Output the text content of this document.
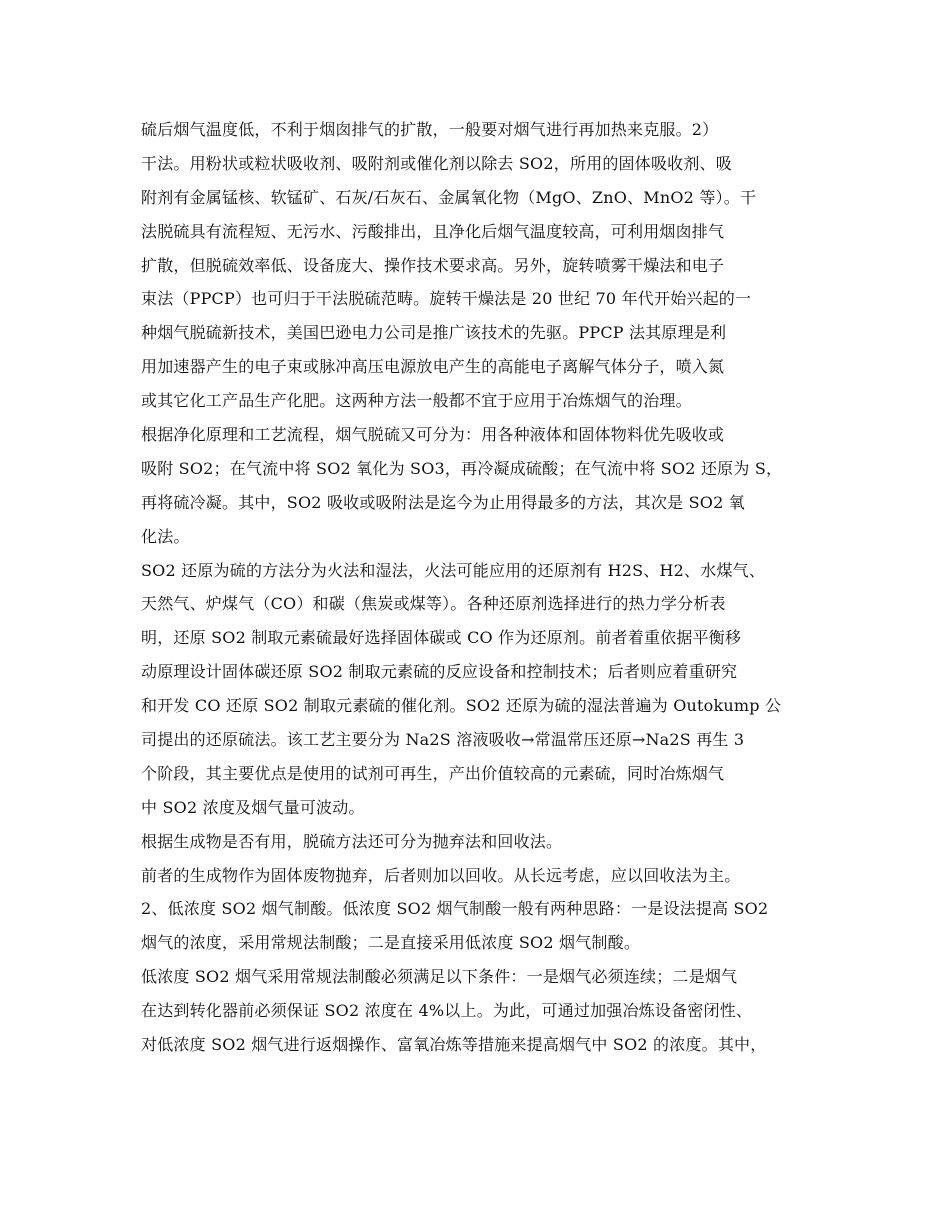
硫后烟气温度低，不利于烟囱排气的扩散，一般要对烟气进行再加热来克服。2）
干法。用粉状或粒状吸收剂、吸附剂或催化剂以除去 SO2，所用的固体吸收剂、吸
附剂有金属锰核、软锰矿、石灰/石灰石、金属氧化物（MgO、ZnO、MnO2 等）。干
法脱硫具有流程短、无污水、污酸排出，且净化后烟气温度较高，可利用烟囱排气
扩散，但脱硫效率低、设备庞大、操作技术要求高。另外，旋转喷雾干燥法和电子
束法（PPCP）也可归于干法脱硫范畴。旋转干燥法是 20 世纪 70 年代开始兴起的一
种烟气脱硫新技术，美国巴逊电力公司是推广该技术的先驱。PPCP 法其原理是利
用加速器产生的电子束或脉冲高压电源放电产生的高能电子离解气体分子，喷入氮
或其它化工产品生产化肥。这两种方法一般都不宜于应用于冶炼烟气的治理。
根据净化原理和工艺流程，烟气脱硫又可分为：用各种液体和固体物料优先吸收或
吸附 SO2；在气流中将 SO2 氧化为 SO3，再冷凝成硫酸；在气流中将 SO2 还原为 S，
再将硫冷凝。其中，SO2 吸收或吸附法是迄今为止用得最多的方法，其次是 SO2 氧
化法。
SO2 还原为硫的方法分为火法和湿法，火法可能应用的还原剂有 H2S、H2、水煤气、
天然气、炉煤气（CO）和碳（焦炭或煤等）。各种还原剂选择进行的热力学分析表
明，还原 SO2 制取元素硫最好选择固体碳或 CO 作为还原剂。前者着重依据平衡移
动原理设计固体碳还原 SO2 制取元素硫的反应设备和控制技术；后者则应着重研究
和开发 CO 还原 SO2 制取元素硫的催化剂。SO2 还原为硫的湿法普遍为 Outokump 公
司提出的还原硫法。该工艺主要分为 Na2S 溶液吸收→常温常压还原→Na2S 再生 3
个阶段，其主要优点是使用的试剂可再生，产出价值较高的元素硫，同时冶炼烟气
中 SO2 浓度及烟气量可波动。
根据生成物是否有用，脱硫方法还可分为抛弃法和回收法。
前者的生成物作为固体废物抛弃，后者则加以回收。从长远考虑，应以回收法为主。
2、低浓度 SO2 烟气制酸。低浓度 SO2 烟气制酸一般有两种思路：一是设法提高 SO2
烟气的浓度，采用常规法制酸；二是直接采用低浓度 SO2 烟气制酸。
低浓度 SO2 烟气采用常规法制酸必须满足以下条件：一是烟气必须连续；二是烟气
在达到转化器前必须保证 SO2 浓度在 4%以上。为此，可通过加强冶炼设备密闭性、
对低浓度 SO2 烟气进行返烟操作、富氧冶炼等措施来提高烟气中 SO2 的浓度。其中，
